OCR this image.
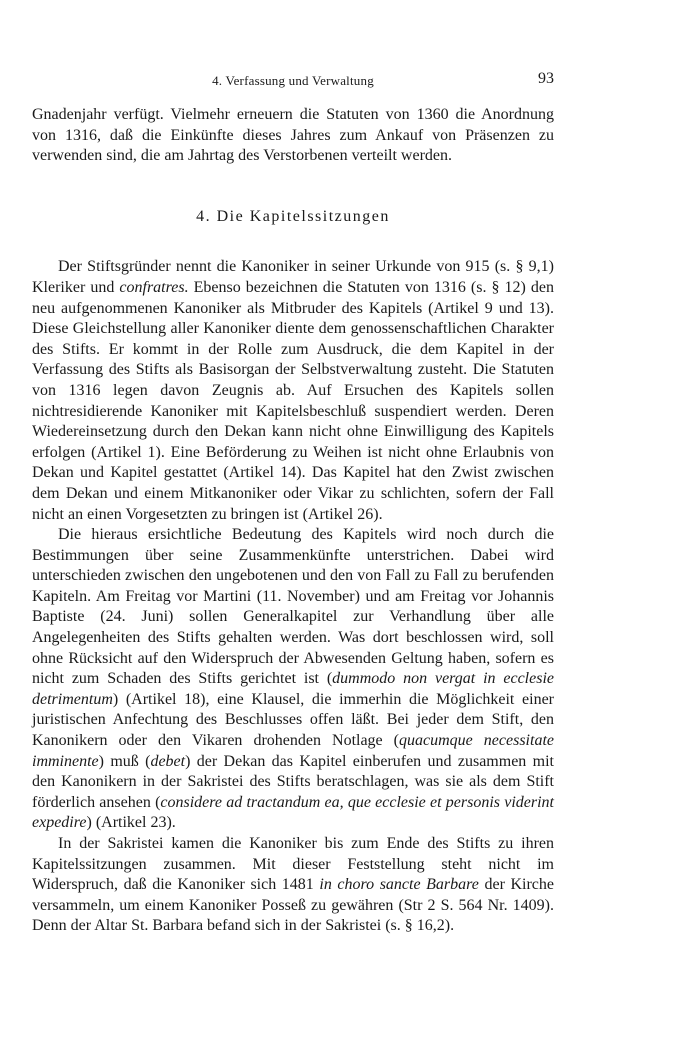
4. Verfassung und Verwaltung	93

Gnadenjahr verfügt. Vielmehr erneuern die Statuten von 1360 die Anordnung von 1316, daß die Einkünfte dieses Jahres zum Ankauf von Präsenzen zu verwenden sind, die am Jahrtag des Verstorbenen verteilt werden.

4. Die Kapitelssitzungen

Der Stiftsgründer nennt die Kanoniker in seiner Urkunde von 915 (s. § 9,1) Kleriker und confratres. Ebenso bezeichnen die Statuten von 1316 (s. § 12) den neu aufgenommenen Kanoniker als Mitbruder des Kapitels (Artikel 9 und 13). Diese Gleichstellung aller Kanoniker diente dem genossenschaftlichen Charakter des Stifts. Er kommt in der Rolle zum Ausdruck, die dem Kapitel in der Verfassung des Stifts als Basisorgan der Selbstverwaltung zusteht. Die Statuten von 1316 legen davon Zeugnis ab. Auf Ersuchen des Kapitels sollen nichtresidierende Kanoniker mit Kapitelsbeschluß suspendiert werden. Deren Wiedereinsetzung durch den Dekan kann nicht ohne Einwilligung des Kapitels erfolgen (Artikel 1). Eine Beförderung zu Weihen ist nicht ohne Erlaubnis von Dekan und Kapitel gestattet (Artikel 14). Das Kapitel hat den Zwist zwischen dem Dekan und einem Mitkanoniker oder Vikar zu schlichten, sofern der Fall nicht an einen Vorgesetzten zu bringen ist (Artikel 26).

Die hieraus ersichtliche Bedeutung des Kapitels wird noch durch die Bestimmungen über seine Zusammenkünfte unterstrichen. Dabei wird unterschieden zwischen den ungebotenen und den von Fall zu Fall zu berufenden Kapiteln. Am Freitag vor Martini (11. November) und am Freitag vor Johannis Baptiste (24. Juni) sollen Generalkapitel zur Verhandlung über alle Angelegenheiten des Stifts gehalten werden. Was dort beschlossen wird, soll ohne Rücksicht auf den Widerspruch der Abwesenden Geltung haben, sofern es nicht zum Schaden des Stifts gerichtet ist (dummodo non vergat in ecclesie detrimentum) (Artikel 18), eine Klausel, die immerhin die Möglichkeit einer juristischen Anfechtung des Beschlusses offen läßt. Bei jeder dem Stift, den Kanonikern oder den Vikaren drohenden Notlage (quacumque necessitate imminente) muß (debet) der Dekan das Kapitel einberufen und zusammen mit den Kanonikern in der Sakristei des Stifts beratschlagen, was sie als dem Stift förderlich ansehen (considere ad tractandum ea, que ecclesie et personis viderint expedire) (Artikel 23).

In der Sakristei kamen die Kanoniker bis zum Ende des Stifts zu ihren Kapitelssitzungen zusammen. Mit dieser Feststellung steht nicht im Widerspruch, daß die Kanoniker sich 1481 in choro sancte Barbare der Kirche versammeln, um einem Kanoniker Posseß zu gewähren (Str 2 S. 564 Nr. 1409). Denn der Altar St. Barbara befand sich in der Sakristei (s. § 16,2).
